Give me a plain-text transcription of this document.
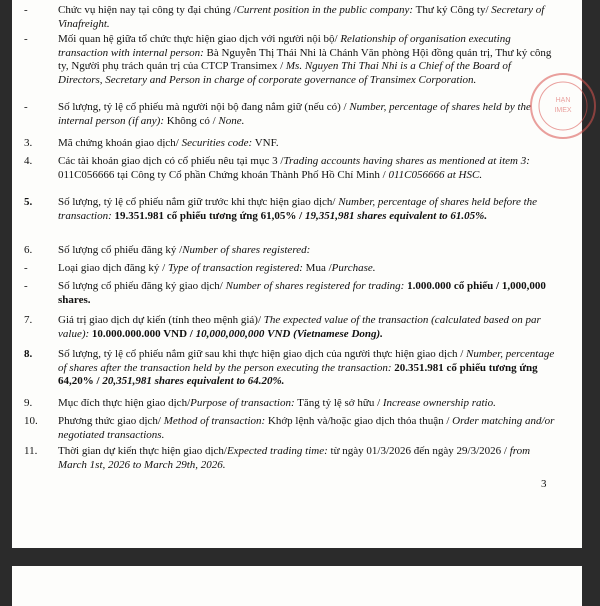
-	Chức vụ hiện nay tại công ty đại chúng /Current position in the public company: Thư ký Công ty/ Secretary of Vinafreight.
-	Mối quan hệ giữa tổ chức thực hiện giao dịch với người nội bộ/ Relationship of organisation executing transaction with internal person: Bà Nguyễn Thị Thái Nhi là Chánh Văn phòng Hội đồng quản trị, Thư ký công ty, Người phụ trách quản trị của CTCP Transimex / Ms. Nguyen Thi Thai Nhi is a Chief of the Board of Directors, Secretary and Person in charge of corporate governance of Transimex Corporation.
-	Số lượng, tỷ lệ cổ phiếu mà người nội bộ đang nắm giữ (nếu có) / Number, percentage of shares held by the internal person (if any): Không có / None.
3.	Mã chứng khoán giao dịch/ Securities code: VNF.
4.	Các tài khoản giao dịch có cổ phiếu nêu tại mục 3 /Trading accounts having shares as mentioned at item 3: 011C056666 tại Công ty Cổ phần Chứng khoán Thành Phố Hồ Chí Minh / 011C056666 at HSC.
5.	Số lượng, tỷ lệ cổ phiếu nắm giữ trước khi thực hiện giao dịch/ Number, percentage of shares held before the transaction: 19.351.981 cổ phiếu tương ứng 61,05% / 19,351,981 shares equivalent to 61.05%.
6.	Số lượng cổ phiếu đăng ký /Number of shares registered:
-	Loại giao dịch đăng ký / Type of transaction registered: Mua /Purchase.
-	Số lượng cổ phiếu đăng ký giao dịch/ Number of shares registered for trading: 1.000.000 cổ phiếu / 1,000,000 shares.
7.	Giá trị giao dịch dự kiến (tính theo mệnh giá)/ The expected value of the transaction (calculated based on par value): 10.000.000.000 VND / 10,000,000,000 VND (Vietnamese Dong).
8.	Số lượng, tỷ lệ cổ phiếu nắm giữ sau khi thực hiện giao dịch của người thực hiện giao dịch / Number, percentage of shares after the transaction held by the person executing the transaction: 20.351.981 cổ phiếu tương ứng 64,20% / 20,351,981 shares equivalent to 64.20%.
9.	Mục đích thực hiện giao dịch/Purpose of transaction: Tăng tỷ lệ sở hữu / Increase ownership ratio.
10.	Phương thức giao dịch/ Method of transaction: Khớp lệnh và/hoặc giao dịch thỏa thuận / Order matching and/or negotiated transactions.
11.	Thời gian dự kiến thực hiện giao dịch/Expected trading time: từ ngày 01/3/2026 đến ngày 29/3/2026 / from March 1st, 2026 to March 29th, 2026.
3
HẠN
IMEX
